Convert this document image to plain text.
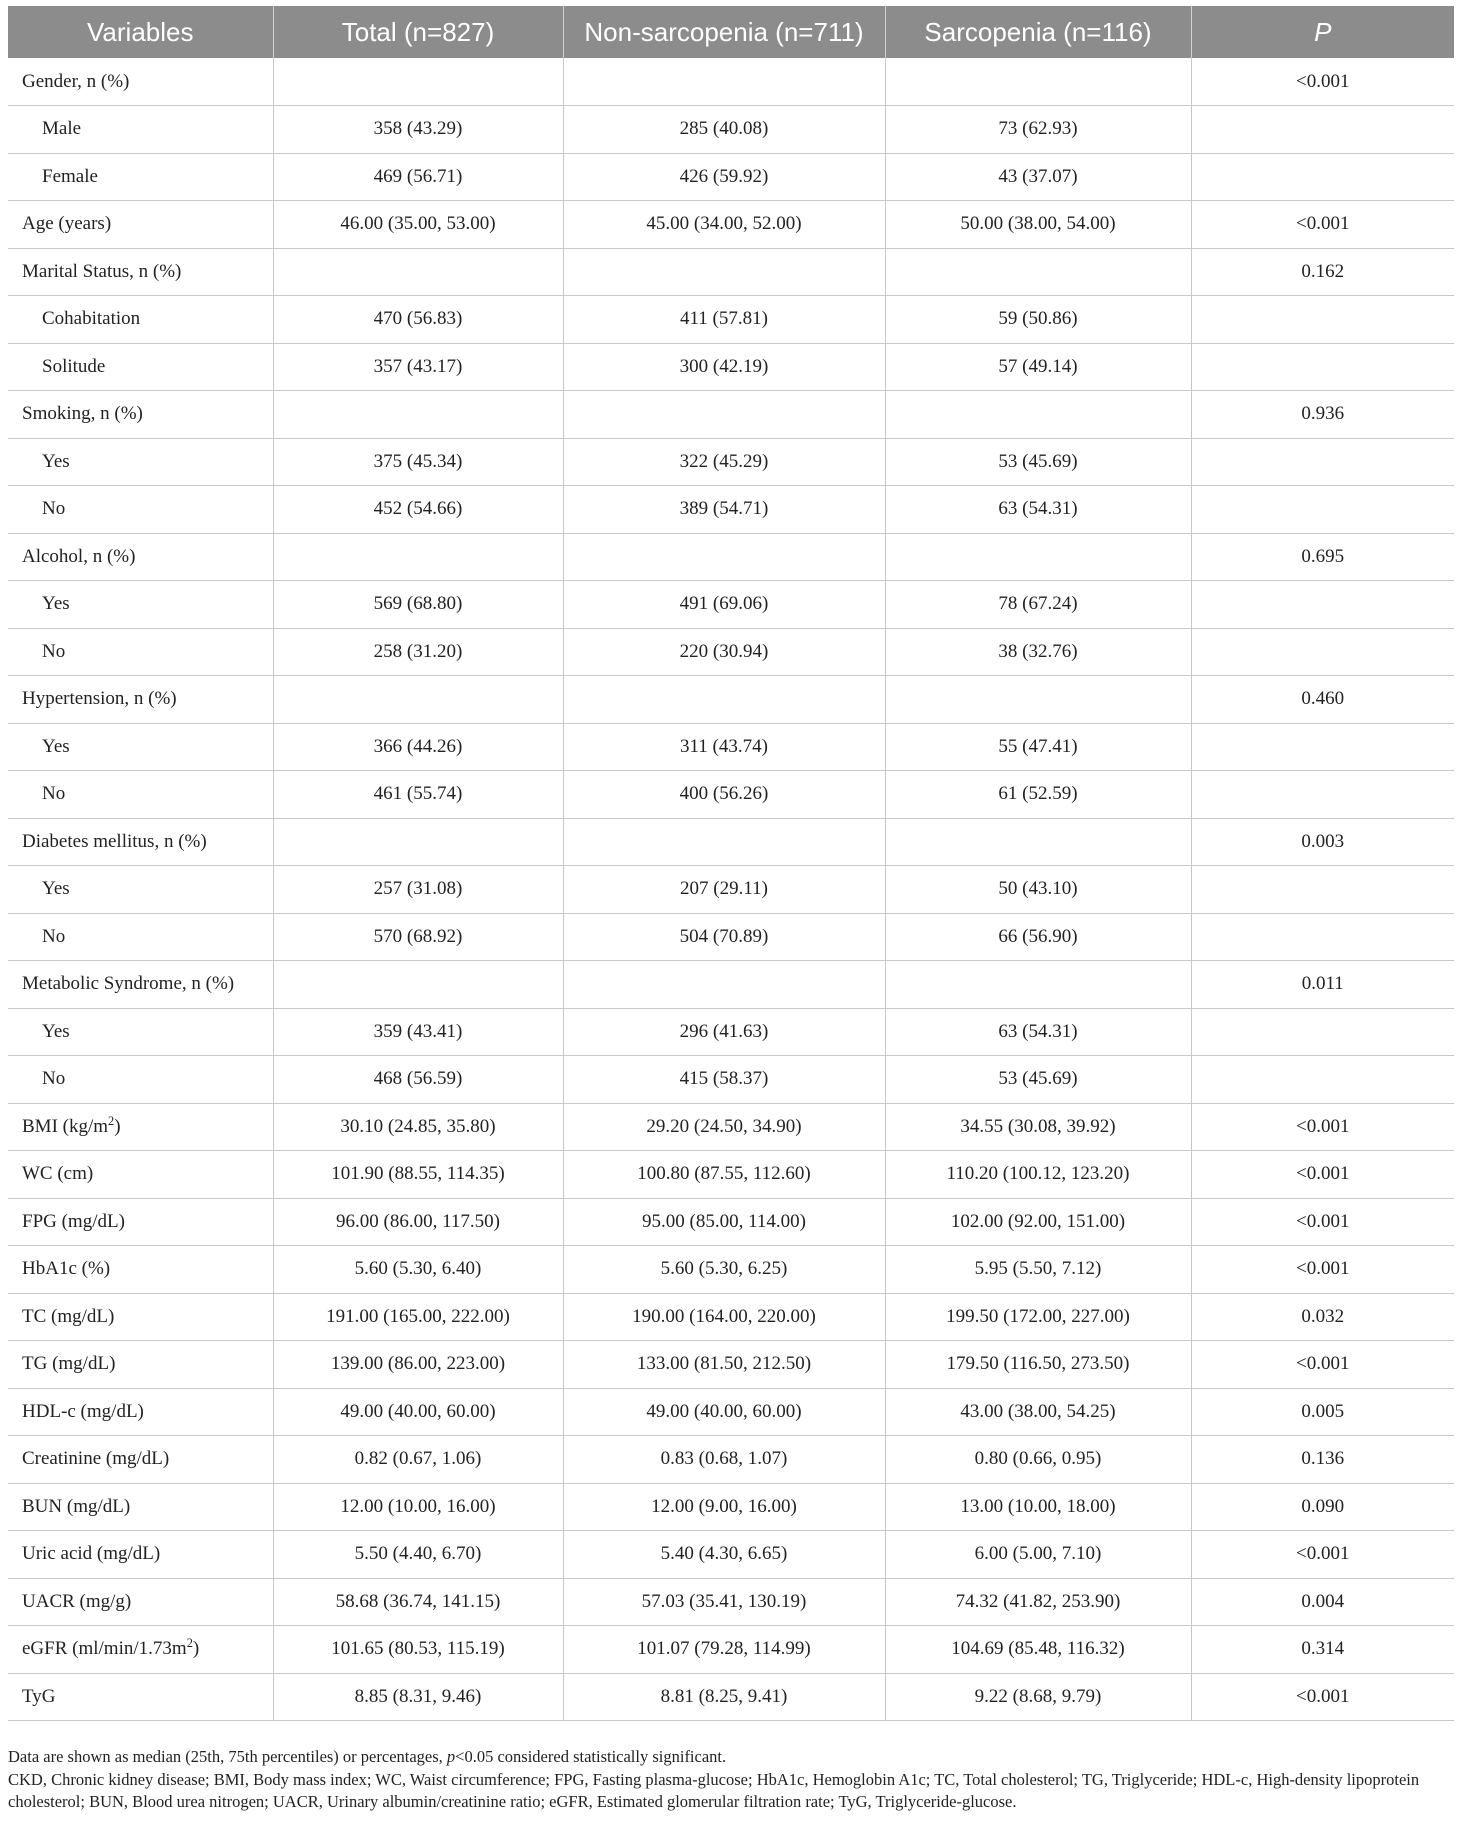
Variables	Total (n=827)	Non-sarcopenia (n=711)	Sarcopenia (n=116)	P
Gender, n (%)				<0.001
Male	358 (43.29)	285 (40.08)	73 (62.93)	
Female	469 (56.71)	426 (59.92)	43 (37.07)	
Age (years)	46.00 (35.00, 53.00)	45.00 (34.00, 52.00)	50.00 (38.00, 54.00)	<0.001
Marital Status, n (%)				0.162
Cohabitation	470 (56.83)	411 (57.81)	59 (50.86)	
Solitude	357 (43.17)	300 (42.19)	57 (49.14)	
Smoking, n (%)				0.936
Yes	375 (45.34)	322 (45.29)	53 (45.69)	
No	452 (54.66)	389 (54.71)	63 (54.31)	
Alcohol, n (%)				0.695
Yes	569 (68.80)	491 (69.06)	78 (67.24)	
No	258 (31.20)	220 (30.94)	38 (32.76)	
Hypertension, n (%)				0.460
Yes	366 (44.26)	311 (43.74)	55 (47.41)	
No	461 (55.74)	400 (56.26)	61 (52.59)	
Diabetes mellitus, n (%)				0.003
Yes	257 (31.08)	207 (29.11)	50 (43.10)	
No	570 (68.92)	504 (70.89)	66 (56.90)	
Metabolic Syndrome, n (%)				0.011
Yes	359 (43.41)	296 (41.63)	63 (54.31)	
No	468 (56.59)	415 (58.37)	53 (45.69)	
BMI $(kg/m^2)$	30.10 (24.85, 35.80)	29.20 (24.50, 34.90)	34.55 (30.08, 39.92)	<0.001
WC (cm)	101.90 (88.55, 114.35)	100.80 (87.55, 112.60)	110.20 (100.12, 123.20)	<0.001
FPG (mg/dL)	96.00 (86.00, 117.50)	95.00 (85.00, 114.00)	102.00 (92.00, 151.00)	<0.001
HbA1c (%)	5.60 (5.30, 6.40)	5.60 (5.30, 6.25)	5.95 (5.50, 7.12)	<0.001
TC (mg/dL)	191.00 (165.00, 222.00)	190.00 (164.00, 220.00)	199.50 (172.00, 227.00)	0.032
TG (mg/dL)	139.00 (86.00, 223.00)	133.00 (81.50, 212.50)	179.50 (116.50, 273.50)	<0.001
HDL-c (mg/dL)	49.00 (40.00, 60.00)	49.00 (40.00, 60.00)	43.00 (38.00, 54.25)	0.005
Creatinine (mg/dL)	0.82 (0.67, 1.06)	0.83 (0.68, 1.07)	0.80 (0.66, 0.95)	0.136
BUN (mg/dL)	12.00 (10.00, 16.00)	12.00 (9.00, 16.00)	13.00 (10.00, 18.00)	0.090
Uric acid (mg/dL)	5.50 (4.40, 6.70)	5.40 (4.30, 6.65)	6.00 (5.00, 7.10)	<0.001
UACR (mg/g)	58.68 (36.74, 141.15)	57.03 (35.41, 130.19)	74.32 (41.82, 253.90)	0.004
eGFR $(ml/\min/1.73m^2)$	101.65 (80.53, 115.19)	101.07 (79.28, 114.99)	104.69 (85.48, 116.32)	0.314
TyG	8.85 (8.31, 9.46)	8.81 (8.25, 9.41)	9.22 (8.68, 9.79)	<0.001

Data are shown as median (25th, 75th percentiles) or percentages, p<0.05 considered statistically significant.

CKD, Chronic kidney disease; BMI, Body mass index; WC, Waist circumference; FPG, Fasting plasma-glucose; HbA1c, Hemoglobin A1c; TC, Total cholesterol; TG, Triglyceride; HDL-c, High-density lipoprotein cholesterol; BUN, Blood urea nitrogen; UACR, Urinary albumin/creatinine ratio; eGFR, Estimated glomerular filtration rate; TyG, Triglyceride-glucose.
